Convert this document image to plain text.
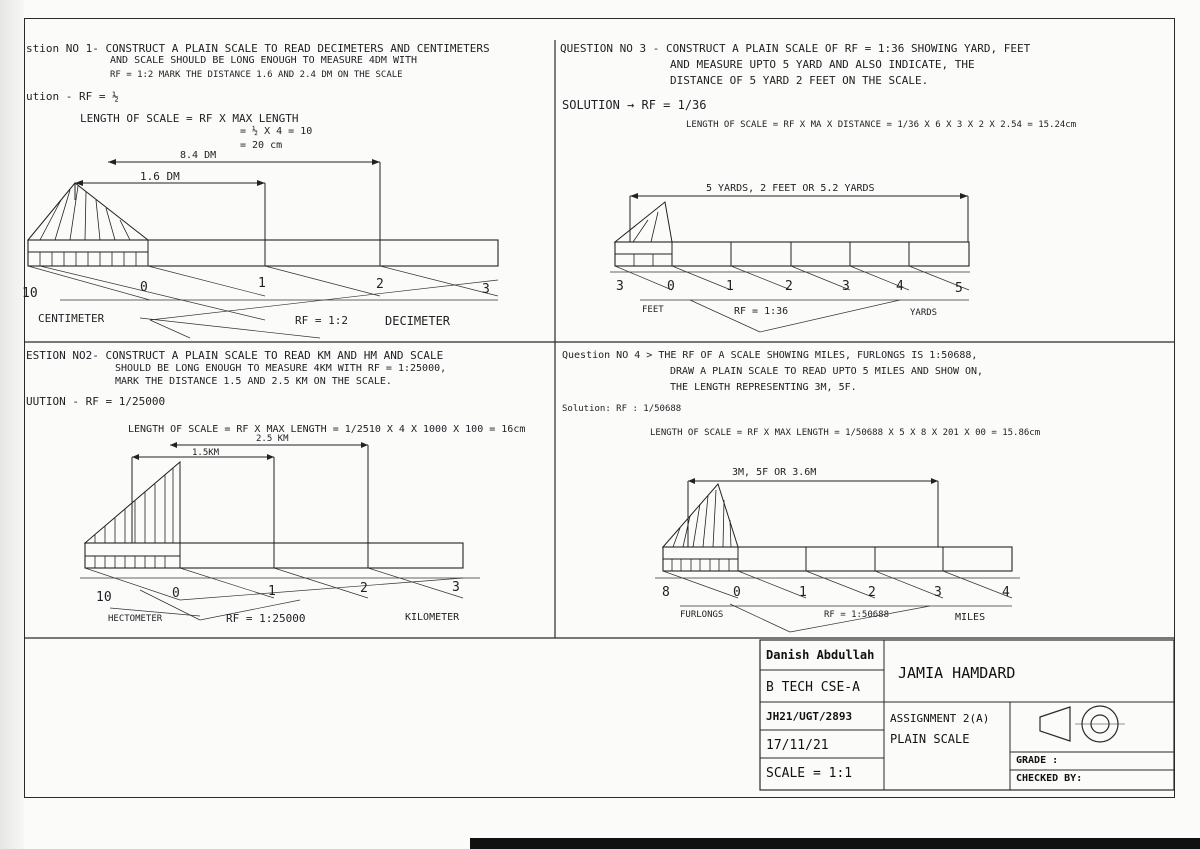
stion NO 1- CONSTRUCT A PLAIN SCALE TO READ DECIMETERS AND CENTIMETERS
AND SCALE SHOULD BE LONG ENOUGH TO MEASURE 4DM WITH
RF = 1:2 MARK THE DISTANCE 1.6 AND 2.4 DM ON THE SCALE
ution - RF = ½
LENGTH OF SCALE = RF X MAX LENGTH
= ½ X 4 = 10
= 20 cm
10	0	1	2	3
8.4 DM
1.6 DM
CENTIMETER	RF = 1:2	DECIMETER
ESTION NO2- CONSTRUCT A PLAIN SCALE TO READ KM AND HM AND SCALE
SHOULD BE LONG ENOUGH TO MEASURE 4KM WITH RF = 1:25000,
MARK THE DISTANCE 1.5 AND 2.5 KM ON THE SCALE.
UUTION - RF = 1/25000
LENGTH OF SCALE = RF X MAX LENGTH = 1/2510 X 4 X 1000 X 100 = 16cm
10	0	1	2	3
2.5 KM
1.5KM
HECTOMETER	RF = 1:25000	KILOMETER
QUESTION NO 3 - CONSTRUCT A PLAIN SCALE OF RF = 1:36 SHOWING YARD, FEET
AND MEASURE UPTO 5 YARD AND ALSO INDICATE, THE
DISTANCE OF 5 YARD 2 FEET ON THE SCALE.
SOLUTION → RF = 1/36
LENGTH OF SCALE = RF X MA X DISTANCE = 1/36 X 6 X 3 X 2 X 2.54 = 15.24cm
3	0	1	2	3	4	5
5 YARDS, 2 FEET OR 5.2 YARDS
FEET	RF = 1:36	YARDS
Question NO 4 > THE RF OF A SCALE SHOWING MILES, FURLONGS IS 1:50688,
DRAW A PLAIN SCALE TO READ UPTO 5 MILES AND SHOW ON,
THE LENGTH REPRESENTING 3M, 5F.
Solution: RF : 1/50688
LENGTH OF SCALE = RF X MAX LENGTH = 1/50688 X 5 X 8 X 201 X 00 = 15.86cm
8	0	1	2	3	4
3M, 5F OR 3.6M
FURLONGS	RF = 1:50688	MILES
Danish Abdullah
B TECH CSE-A
JH21/UGT/2893
17/11/21
SCALE = 1:1
JAMIA HAMDARD
ASSIGNMENT 2(A)
PLAIN SCALE
GRADE :
CHECKED BY:
